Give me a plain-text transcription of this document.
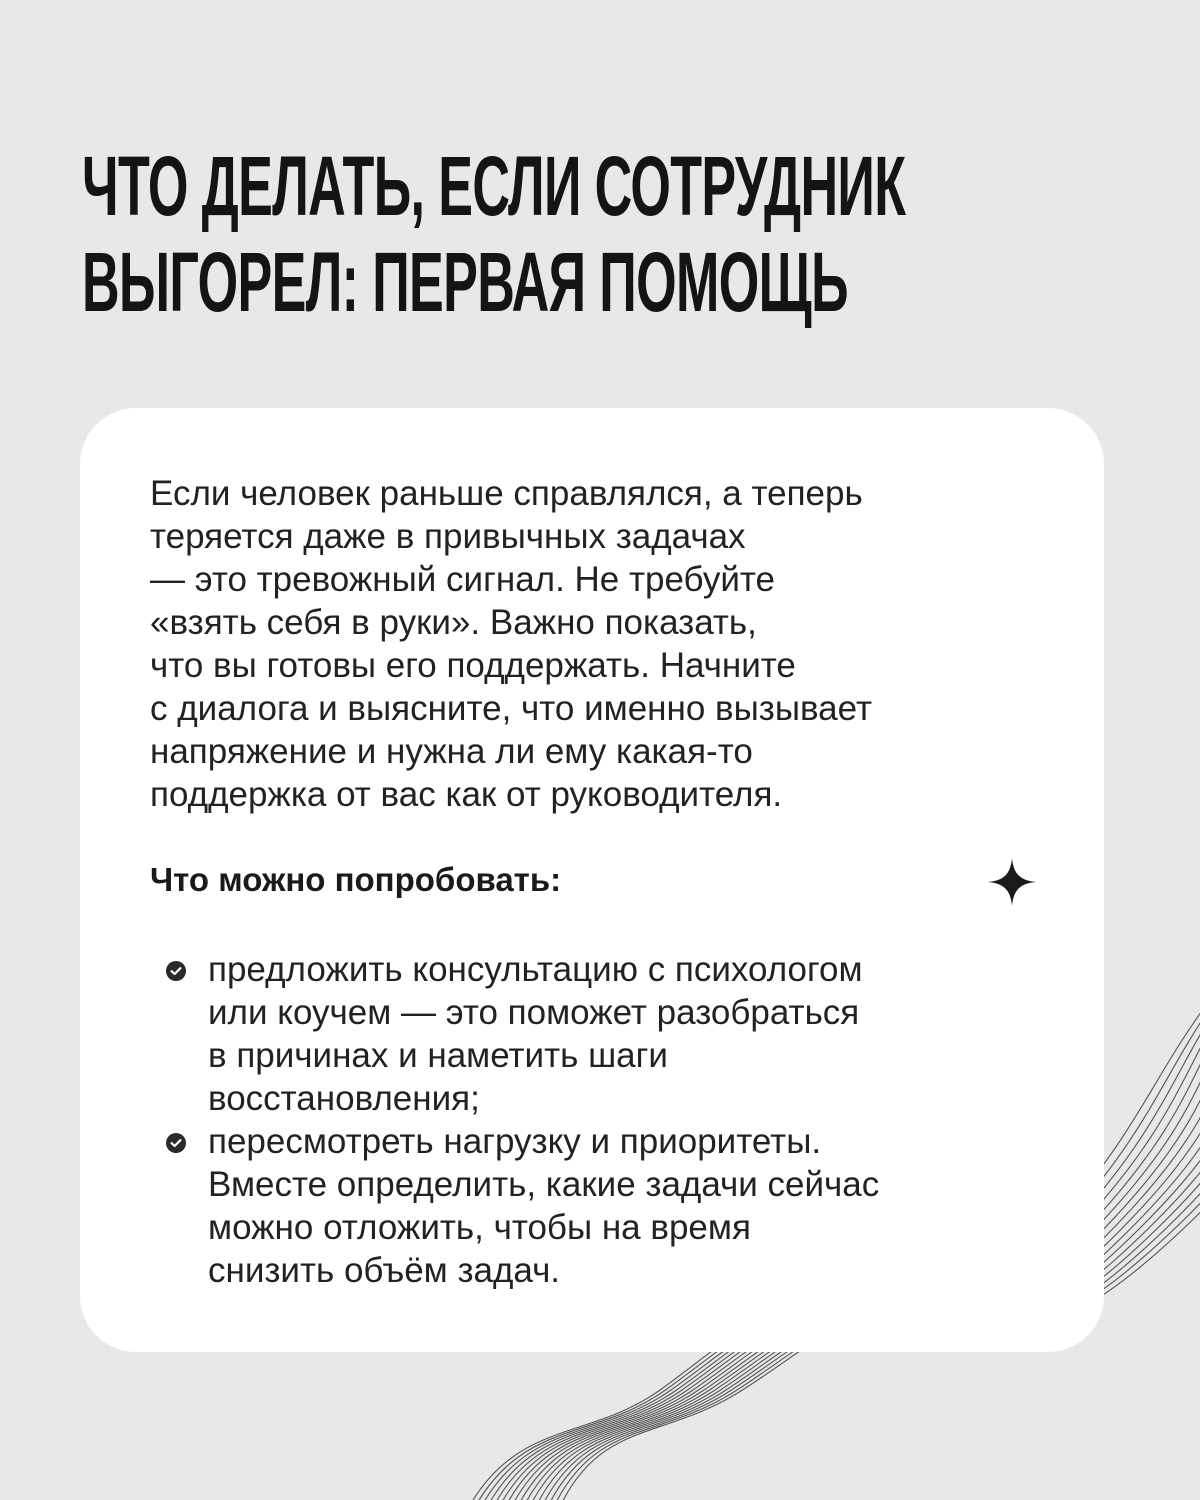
ЧТО ДЕЛАТЬ, ЕСЛИ СОТРУДНИК
ВЫГОРЕЛ: ПЕРВАЯ ПОМОЩЬ

Если человек раньше справлялся, а теперь
теряется даже в привычных задачах
— это тревожный сигнал. Не требуйте
«взять себя в руки». Важно показать,
что вы готовы его поддержать. Начните
с диалога и выясните, что именно вызывает
напряжение и нужна ли ему какая-то
поддержка от вас как от руководителя.

Что можно попробовать:
предложить консультацию с психологом
или коучем — это поможет разобраться
в причинах и наметить шаги
восстановления;
пересмотреть нагрузку и приоритеты.
Вместе определить, какие задачи сейчас
можно отложить, чтобы на время
снизить объём задач.
